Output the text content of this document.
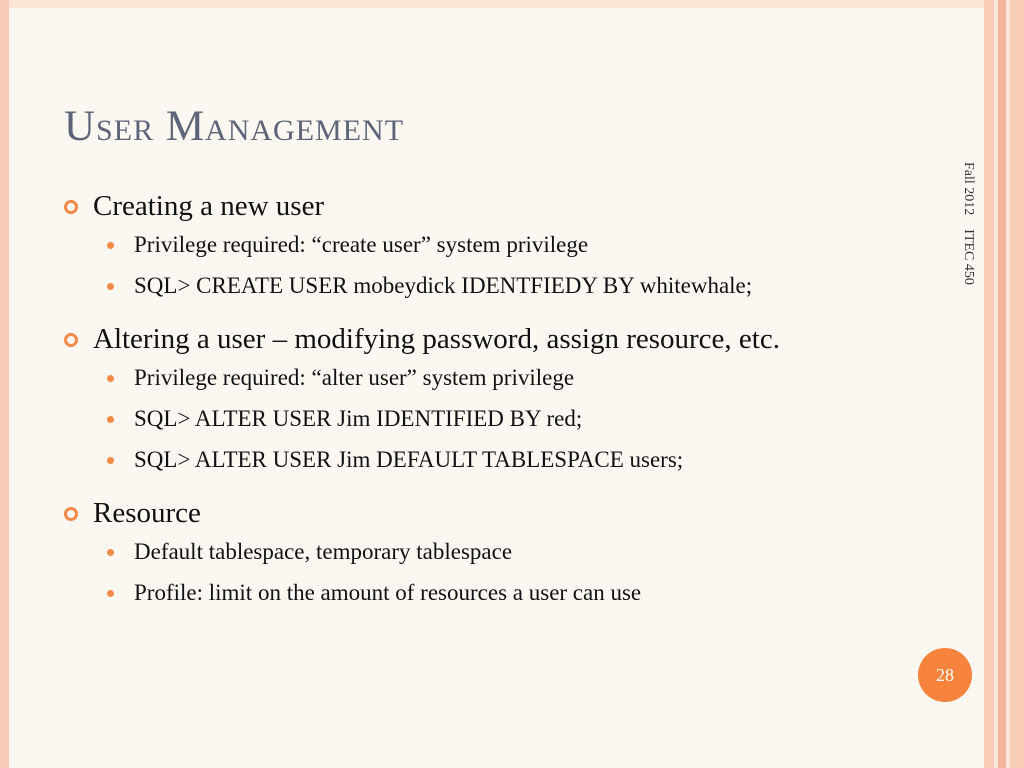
User Management
Fall 2012    ITEC 450
Creating a new user
Privilege required: “create user” system privilege
SQL> CREATE USER mobeydick IDENTFIEDY BY whitewhale;
Altering a user – modifying password, assign resource, etc.
Privilege required: “alter user” system privilege
SQL> ALTER USER Jim IDENTIFIED BY red;
SQL> ALTER USER Jim DEFAULT TABLESPACE users;
Resource
Default tablespace, temporary tablespace
Profile: limit on the amount of resources a user can use
28
